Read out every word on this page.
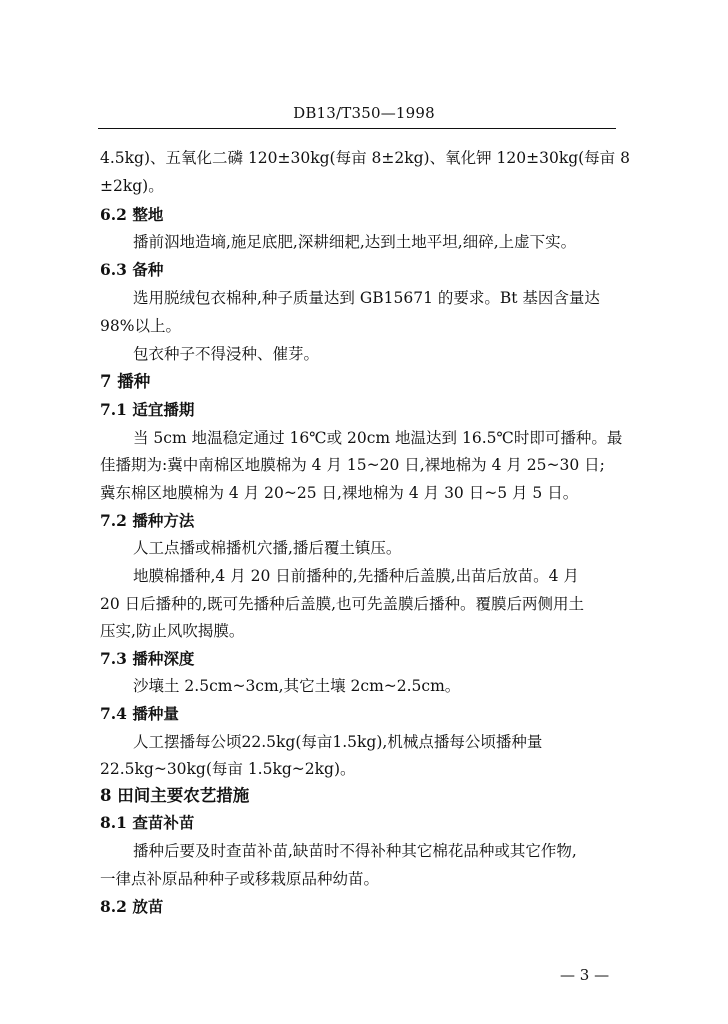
DB13/T350—1998
4.5kg)、五氧化二磷 120±30kg(每亩 8±2kg)、氧化钾 120±30kg(每亩 8
±2kg)。
6.2 整地
播前泅地造墒,施足底肥,深耕细耙,达到土地平坦,细碎,上虚下实。
6.3 备种
选用脱绒包衣棉种,种子质量达到 GB15671 的要求。Bt 基因含量达
98%以上。
包衣种子不得浸种、催芽。
7 播种
7.1 适宜播期
当 5cm 地温稳定通过 16℃或 20cm 地温达到 16.5℃时即可播种。最
佳播期为:冀中南棉区地膜棉为 4 月 15~20 日,裸地棉为 4 月 25~30 日;
冀东棉区地膜棉为 4 月 20~25 日,裸地棉为 4 月 30 日~5 月 5 日。
7.2 播种方法
人工点播或棉播机穴播,播后覆土镇压。
地膜棉播种,4 月 20 日前播种的,先播种后盖膜,出苗后放苗。4 月
20 日后播种的,既可先播种后盖膜,也可先盖膜后播种。覆膜后两侧用土
压实,防止风吹揭膜。
7.3 播种深度
沙壤土 2.5cm~3cm,其它土壤 2cm~2.5cm。
7.4 播种量
人工摆播每公顷22.5kg(每亩1.5kg),机械点播每公顷播种量
22.5kg~30kg(每亩 1.5kg~2kg)。
8 田间主要农艺措施
8.1 查苗补苗
播种后要及时查苗补苗,缺苗时不得补种其它棉花品种或其它作物,
一律点补原品种种子或移栽原品种幼苗。
8.2 放苗
— 3 —
